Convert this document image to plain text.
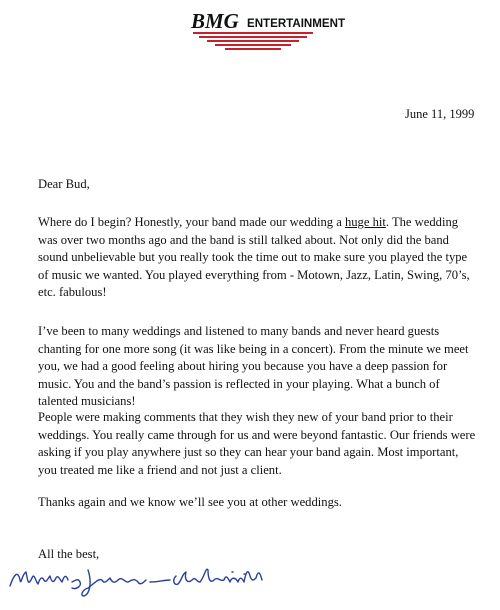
BMG ENTERTAINMENT
June 11, 1999

Dear Bud,

Where do I begin? Honestly, your band made our wedding a huge hit. The wedding was over two months ago and the band is still talked about. Not only did the band sound unbelievable but you really took the time out to make sure you played the type of music we wanted. You played everything from - Motown, Jazz, Latin, Swing, 70’s, etc. fabulous!

I’ve been to many weddings and listened to many bands and never heard guests chanting for one more song (it was like being in a concert). From the minute we meet you, we had a good feeling about hiring you because you have a deep passion for music. You and the band’s passion is reflected in your playing. What a bunch of talented musicians!

People were making comments that they wish they new of your band prior to their weddings. You really came through for us and were beyond fantastic. Our friends were asking if you play anywhere just so they can hear your band again. Most important, you treated me like a friend and not just a client.

Thanks again and we know we’ll see you at other weddings.

All the best,
